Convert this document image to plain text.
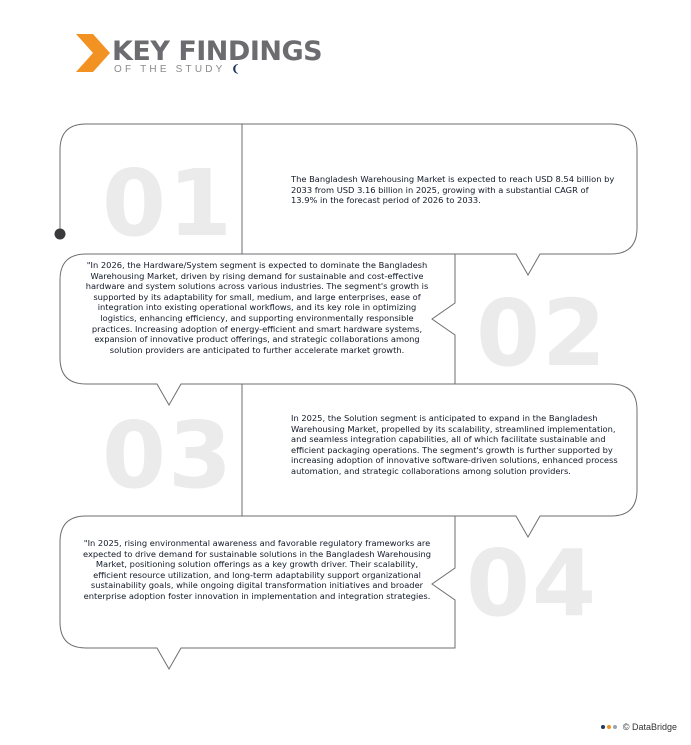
KEY FINDINGS
OF THE STUDY ❨
01
02
03
04
The Bangladesh Warehousing Market is expected to reach USD 8.54 billion by 2033 from USD 3.16 billion in 2025, growing with a substantial CAGR of 13.9% in the forecast period of 2026 to 2033.
"In 2026, the Hardware/System segment is expected to dominate the Bangladesh Warehousing Market, driven by rising demand for sustainable and cost-effective hardware and system solutions across various industries. The segment's growth is supported by its adaptability for small, medium, and large enterprises, ease of integration into existing operational workflows, and its key role in optimizing logistics, enhancing efficiency, and supporting environmentally responsible practices. Increasing adoption of energy-efficient and smart hardware systems, expansion of innovative product offerings, and strategic collaborations among solution providers are anticipated to further accelerate market growth.
In 2025, the Solution segment is anticipated to expand in the Bangladesh Warehousing Market, propelled by its scalability, streamlined implementation, and seamless integration capabilities, all of which facilitate sustainable and efficient packaging operations. The segment's growth is further supported by increasing adoption of innovative software-driven solutions, enhanced process automation, and strategic collaborations among solution providers.
"In 2025, rising environmental awareness and favorable regulatory frameworks are expected to drive demand for sustainable solutions in the Bangladesh Warehousing Market, positioning solution offerings as a key growth driver. Their scalability, efficient resource utilization, and long-term adaptability support organizational sustainability goals, while ongoing digital transformation initiatives and broader enterprise adoption foster innovation in implementation and integration strategies.
© DataBridge
